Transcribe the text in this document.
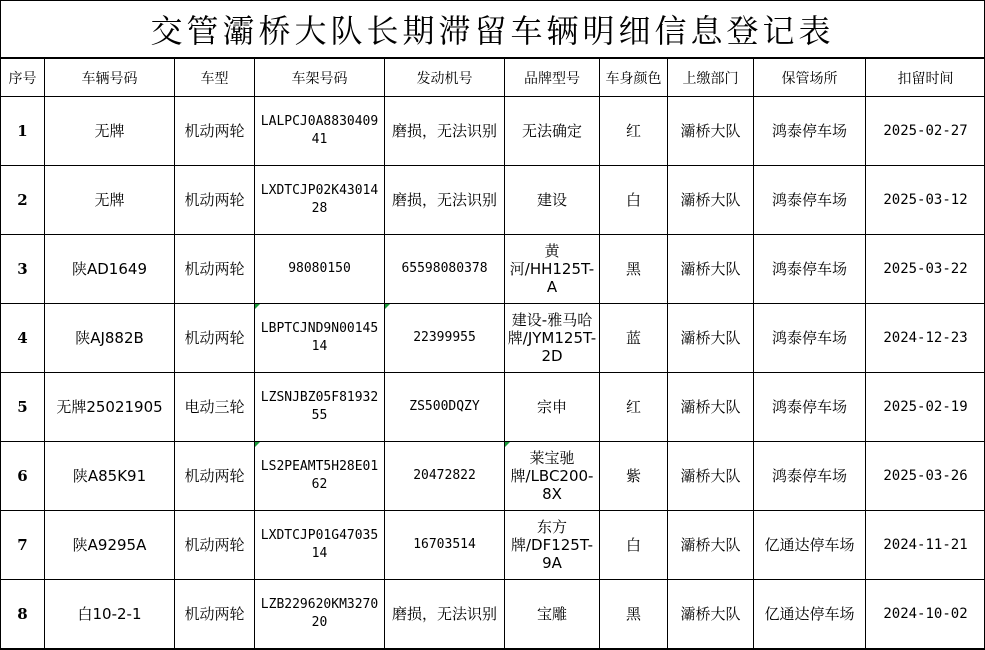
交管灞桥大队长期滞留车辆明细信息登记表
序号	车辆号码	车型	车架号码	发动机号	品牌型号	车身颜色	上缴部门	保管场所	扣留时间
1	无牌	机动两轮	LALPCJ0A883040941	磨损，无法识别	无法确定	红	灞桥大队	鸿泰停车场	2025-02-27
2	无牌	机动两轮	LXDTCJP02K4301428	磨损，无法识别	建设	白	灞桥大队	鸿泰停车场	2025-03-12
3	陕AD1649	机动两轮	98080150	65598080378	黄河/HH125T-A	黑	灞桥大队	鸿泰停车场	2025-03-22
4	陕AJ882B	机动两轮	LBPTCJND9N0014514	22399955	建设-雅马哈牌/JYM125T-2D	蓝	灞桥大队	鸿泰停车场	2024-12-23
5	无牌25021905	电动三轮	LZSNJBZ05F8193255	ZS500DQZY	宗申	红	灞桥大队	鸿泰停车场	2025-02-19
6	陕A85K91	机动两轮	LS2PEAMT5H28E0162	20472822	莱宝驰牌/LBC200-8X	紫	灞桥大队	鸿泰停车场	2025-03-26
7	陕A9295A	机动两轮	LXDTCJP01G4703514	16703514	东方牌/DF125T-9A	白	灞桥大队	亿通达停车场	2024-11-21
8	白10-2-1	机动两轮	LZB229620KM327020	磨损，无法识别	宝雕	黑	灞桥大队	亿通达停车场	2024-10-02
